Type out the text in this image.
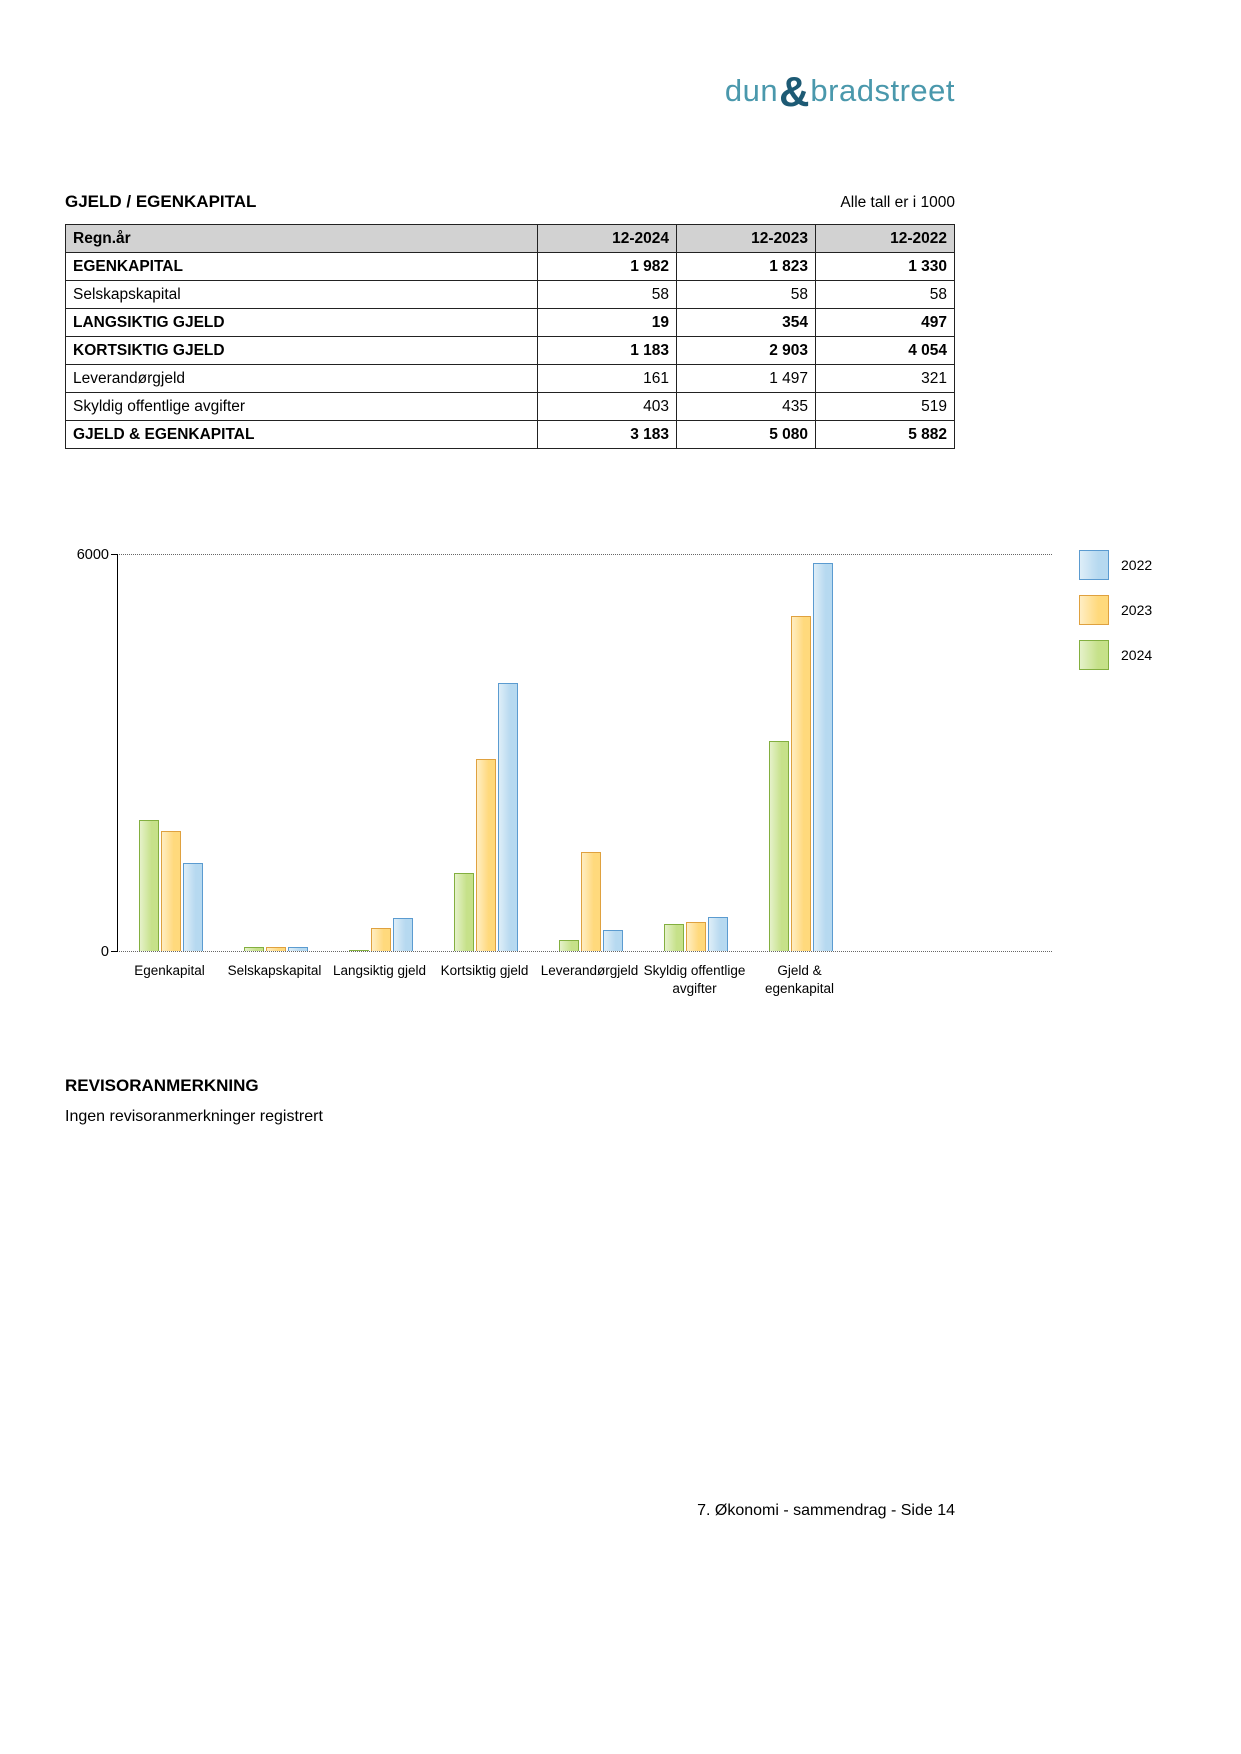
dun&bradstreet
GJELD / EGENKAPITAL	Alle tall er i 1000
Regn.år	12-2024	12-2023	12-2022
EGENKAPITAL	1 982	1 823	1 330
Selskapskapital	58	58	58
LANGSIKTIG GJELD	19	354	497
KORTSIKTIG GJELD	1 183	2 903	4 054
Leverandørgjeld	161	1 497	321
Skyldig offentlige avgifter	403	435	519
GJELD & EGENKAPITAL	3 183	5 080	5 882
6000
0
Egenkapital	Selskapskapital Langsiktig gjeld	Kortsiktig gjeld Leverandørgjeld Skyldig offentlige avgifter
Gjeld & egenkapital
2022
2023
2024
REVISORANMERKNING
Ingen revisoranmerkninger registrert
7. Økonomi - sammendrag - Side 14
